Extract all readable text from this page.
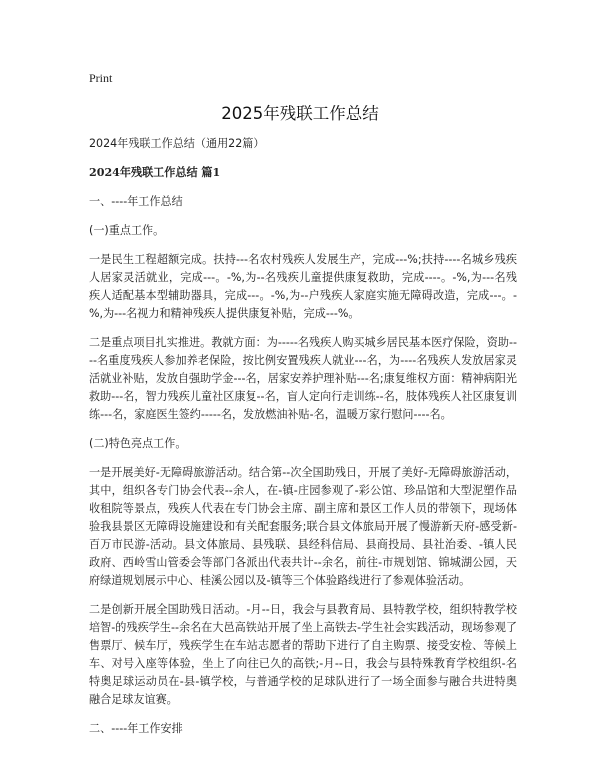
Print
2025年残联工作总结

2024年残联工作总结（通用22篇）

2024年残联工作总结 篇1

一、----年工作总结

(一)重点工作。

一是民生工程超额完成。扶持---名农村残疾人发展生产，完成---%;扶持----名城乡残疾人居家灵活就业，完成---。-%,为--名残疾儿童提供康复救助，完成----。-%,为---名残疾人适配基本型辅助器具，完成---。-%,为--户残疾人家庭实施无障碍改造，完成---。-%,为---名视力和精神残疾人提供康复补贴，完成---%。

二是重点项目扎实推进。教就方面：为-----名残疾人购买城乡居民基本医疗保险，资助----名重度残疾人参加养老保险，按比例安置残疾人就业---名，为----名残疾人发放居家灵活就业补贴，发放自强助学金---名，居家安养护理补贴---名;康复维权方面：精神病阳光救助---名，智力残疾儿童社区康复--名，盲人定向行走训练--名，肢体残疾人社区康复训练---名，家庭医生签约-----名，发放燃油补贴-名，温暖万家行慰问----名。

(二)特色亮点工作。

一是开展美好-无障碍旅游活动。结合第--次全国助残日，开展了美好-无障碍旅游活动，其中，组织各专门协会代表--余人，在-镇-庄园参观了-彩公馆、珍品馆和大型泥塑作品收租院等景点，残疾人代表在专门协会主席、副主席和景区工作人员的带领下，现场体验我县景区无障碍设施建设和有关配套服务;联合县文体旅局开展了慢游新天府-感受新-百万市民游-活动。县文体旅局、县残联、县经科信局、县商投局、县社治委、-镇人民政府、西岭雪山管委会等部门各派出代表共计--余名，前往-市规划馆、锦城湖公园，天府绿道规划展示中心、桂溪公园以及-镇等三个体验路线进行了参观体验活动。

二是创新开展全国助残日活动。-月--日，我会与县教育局、县特教学校，组织特教学校培智-的残疾学生--余名在大邑高铁站开展了坐上高铁去-学生社会实践活动，现场参观了售票厅、候车厅，残疾学生在车站志愿者的帮助下进行了自主购票、接受安检、等候上车、对号入座等体验，坐上了向往已久的高铁;-月--日，我会与县特殊教育学校组织-名特奥足球运动员在-县-镇学校，与普通学校的足球队进行了一场全面参与融合共进特奥融合足球友谊赛。

二、----年工作安排
